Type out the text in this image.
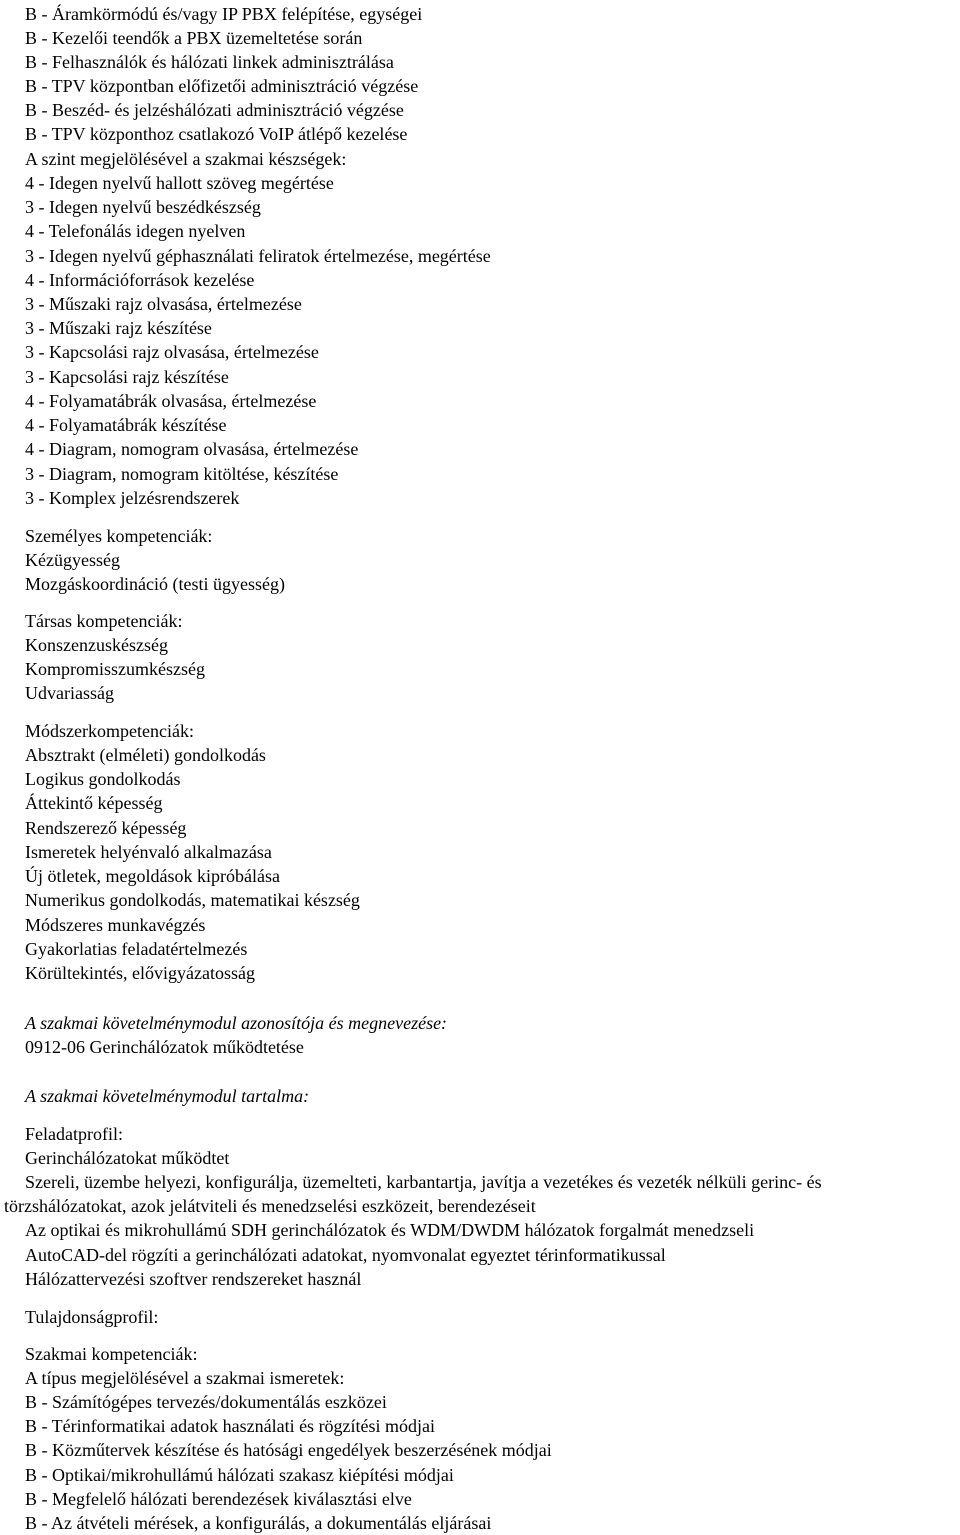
B - Áramkörmódú és/vagy IP PBX felépítése, egységei
B - Kezelői teendők a PBX üzemeltetése során
B - Felhasználók és hálózati linkek adminisztrálása
B - TPV központban előfizetői adminisztráció végzése
B - Beszéd- és jelzéshálózati adminisztráció végzése
B - TPV központhoz csatlakozó VoIP átlépő kezelése
A szint megjelölésével a szakmai készségek:
4 - Idegen nyelvű hallott szöveg megértése
3 - Idegen nyelvű beszédkészség
4 - Telefonálás idegen nyelven
3 - Idegen nyelvű géphasználati feliratok értelmezése, megértése
4 - Információforrások kezelése
3 - Műszaki rajz olvasása, értelmezése
3 - Műszaki rajz készítése
3 - Kapcsolási rajz olvasása, értelmezése
3 - Kapcsolási rajz készítése
4 - Folyamatábrák olvasása, értelmezése
4 - Folyamatábrák készítése
4 - Diagram, nomogram olvasása, értelmezése
3 - Diagram, nomogram kitöltése, készítése
3 - Komplex jelzésrendszerek
Személyes kompetenciák:
Kézügyesség
Mozgáskoordináció (testi ügyesség)
Társas kompetenciák:
Konszenzuskészség
Kompromisszumkészség
Udvariasság
Módszerkompetenciák:
Absztrakt (elméleti) gondolkodás
Logikus gondolkodás
Áttekintő képesség
Rendszerező képesség
Ismeretek helyénvaló alkalmazása
Új ötletek, megoldások kipróbálása
Numerikus gondolkodás, matematikai készség
Módszeres munkavégzés
Gyakorlatias feladatértelmezés
Körültekintés, elővigyázatosság
A szakmai követelménymodul azonosítója és megnevezése:
0912-06 Gerinchálózatok működtetése
A szakmai követelménymodul tartalma:
Feladatprofil:
Gerinchálózatokat működtet
Szereli, üzembe helyezi, konfigurálja, üzemelteti, karbantartja, javítja a vezetékes és vezeték nélküli gerinc- és
törzshálózatokat, azok jelátviteli és menedzselési eszközeit, berendezéseit
Az optikai és mikrohullámú SDH gerinchálózatok és WDM/DWDM hálózatok forgalmát menedzseli
AutoCAD-del rögzíti a gerinchálózati adatokat, nyomvonalat egyeztet térinformatikussal
Hálózattervezési szoftver rendszereket használ
Tulajdonságprofil:
Szakmai kompetenciák:
A típus megjelölésével a szakmai ismeretek:
B - Számítógépes tervezés/dokumentálás eszközei
B - Térinformatikai adatok használati és rögzítési módjai
B - Közműtervek készítése és hatósági engedélyek beszerzésének módjai
B - Optikai/mikrohullámú hálózati szakasz kiépítési módjai
B - Megfelelő hálózati berendezések kiválasztási elve
B - Az átvételi mérések, a konfigurálás, a dokumentálás eljárásai
